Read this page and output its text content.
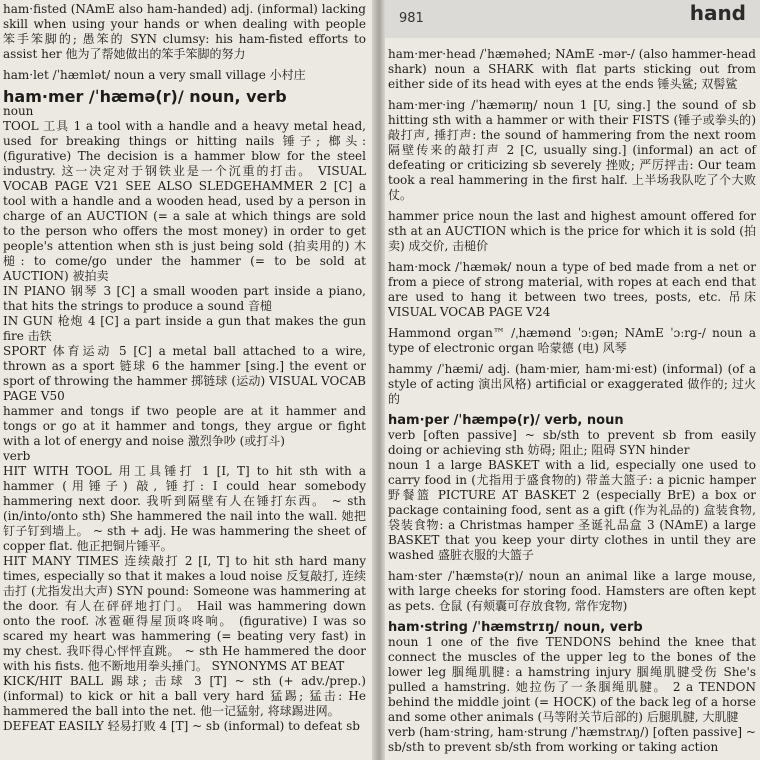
ham·fisted (NAmE also ham-handed) adj. (informal) lacking skill when using your hands or when dealing with people 笨手笨脚的; 愚笨的 SYN clumsy: his ham-fisted efforts to assist her 他为了帮她做出的笨手笨脚的努力

ham·let /ˈhæmlət/ noun a very small village 小村庄

ham·mer /ˈhæmə(r)/ noun, verb

noun

TOOL 工具 1 a tool with a handle and a heavy metal head, used for breaking things or hitting nails 锤子; 榔头: (figurative) The decision is a hammer blow for the steel industry. 这一决定对于钢铁业是一个沉重的打击。 VISUAL VOCAB PAGE V21 SEE ALSO SLEDGEHAMMER 2 [C] a tool with a handle and a wooden head, used by a person in charge of an AUCTION (= a sale at which things are sold to the person who offers the most money) in order to get people's attention when sth is just being sold (拍卖用的) 木槌: to come/go under the hammer (= to be sold at AUCTION) 被拍卖

IN PIANO 钢琴 3 [C] a small wooden part inside a piano, that hits the strings to produce a sound 音槌

IN GUN 枪炮 4 [C] a part inside a gun that makes the gun fire 击铁

SPORT 体育运动 5 [C] a metal ball attached to a wire, thrown as a sport 链球 6 the hammer [sing.] the event or sport of throwing the hammer 掷链球 (运动) VISUAL VOCAB PAGE V50

hammer and tongs if two people are at it hammer and tongs or go at it hammer and tongs, they argue or fight with a lot of energy and noise 激烈争吵 (或打斗)

verb

HIT WITH TOOL 用工具锤打 1 [I, T] to hit sth with a hammer (用锤子) 敲, 锤打: I could hear somebody hammering next door. 我听到隔壁有人在锤打东西。 ~ sth (in/into/onto sth) She hammered the nail into the wall. 她把钉子钉到墙上。 ~ sth + adj. He was hammering the sheet of copper flat. 他正把铜片锤平。

HIT MANY TIMES 连续敲打 2 [I, T] to hit sth hard many times, especially so that it makes a loud noise 反复敲打, 连续击打 (尤指发出大声) SYN pound: Someone was hammering at the door. 有人在砰砰地打门。 Hail was hammering down onto the roof. 冰雹砸得屋顶咚咚响。 (figurative) I was so scared my heart was hammering (= beating very fast) in my chest. 我吓得心怦怦直跳。 ~ sth He hammered the door with his fists. 他不断地用拳头捶门。 SYNONYMS AT BEAT

KICK/HIT BALL 踢球; 击球 3 [T] ~ sth (+ adv./prep.) (informal) to kick or hit a ball very hard 猛踢; 猛击: He hammered the ball into the net. 他一记猛射, 将球踢进网。

DEFEAT EASILY 轻易打败 4 [T] ~ sb (informal) to defeat sb

981	hand

ham·mer·head /ˈhæməhed; NAmE -mər-/ (also hammer-head shark) noun a SHARK with flat parts sticking out from either side of its head with eyes at the ends 锤头鲨; 双髻鲨

ham·mer·ing /ˈhæmərɪŋ/ noun 1 [U, sing.] the sound of sb hitting sth with a hammer or with their FISTS (锤子或拳头的) 敲打声, 捶打声: the sound of hammering from the next room 隔壁传来的敲打声 2 [C, usually sing.] (informal) an act of defeating or criticizing sb severely 挫败; 严厉抨击: Our team took a real hammering in the first half. 上半场我队吃了个大败仗。

hammer price noun the last and highest amount offered for sth at an AUCTION which is the price for which it is sold (拍卖) 成交价, 击槌价

ham·mock /ˈhæmək/ noun a type of bed made from a net or from a piece of strong material, with ropes at each end that are used to hang it between two trees, posts, etc. 吊床 VISUAL VOCAB PAGE V24

Hammond organ™ /ˌhæmənd ˈɔːɡən; NAmE ˈɔːrɡ-/ noun a type of electronic organ 哈蒙德 (电) 风琴

hammy /ˈhæmi/ adj. (ham·mier, ham·mi·est) (informal) (of a style of acting 演出风格) artificial or exaggerated 做作的; 过火的

ham·per /ˈhæmpə(r)/ verb, noun

verb [often passive] ~ sb/sth to prevent sb from easily doing or achieving sth 妨碍; 阻止; 阻碍 SYN hinder

noun 1 a large BASKET with a lid, especially one used to carry food in (尤指用于盛食物的) 带盖大篮子: a picnic hamper 野餐篮 PICTURE AT BASKET 2 (especially BrE) a box or package containing food, sent as a gift (作为礼品的) 盒装食物, 袋装食物: a Christmas hamper 圣诞礼品盒 3 (NAmE) a large BASKET that you keep your dirty clothes in until they are washed 盛脏衣服的大篮子

ham·ster /ˈhæmstə(r)/ noun an animal like a large mouse, with large cheeks for storing food. Hamsters are often kept as pets. 仓鼠 (有颊囊可存放食物, 常作宠物)

ham·string /ˈhæmstrɪŋ/ noun, verb

noun 1 one of the five TENDONS behind the knee that connect the muscles of the upper leg to the bones of the lower leg 腘绳肌腱: a hamstring injury 腘绳肌腱受伤 She's pulled a hamstring. 她拉伤了一条腘绳肌腱。 2 a TENDON behind the middle joint (= HOCK) of the back leg of a horse and some other animals (马等附关节后部的) 后腿肌腱, 大肌腱

verb (ham·string, ham·strung /ˈhæmstrʌŋ/) [often passive] ~ sb/sth to prevent sb/sth from working or taking action
